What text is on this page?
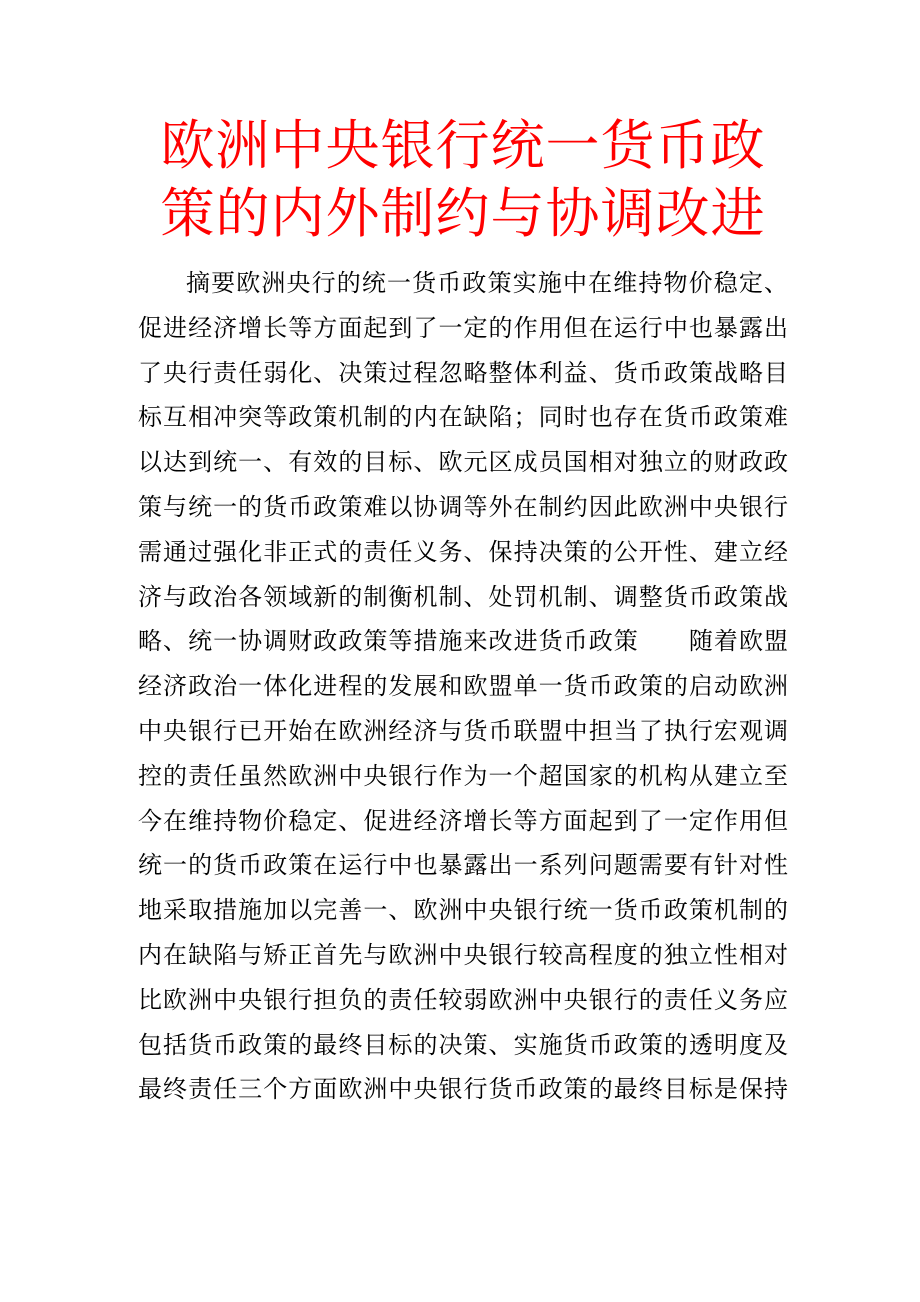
欧洲中央银行统一货币政
策的内外制约与协调改进
摘要欧洲央行的统一货币政策实施中在维持物价稳定、
促进经济增长等方面起到了一定的作用但在运行中也暴露出
了央行责任弱化、决策过程忽略整体利益、货币政策战略目
标互相冲突等政策机制的内在缺陷；同时也存在货币政策难
以达到统一、有效的目标、欧元区成员国相对独立的财政政
策与统一的货币政策难以协调等外在制约因此欧洲中央银行
需通过强化非正式的责任义务、保持决策的公开性、建立经
济与政治各领域新的制衡机制、处罚机制、调整货币政策战
略、统一协调财政政策等措施来改进货币政策　　随着欧盟
经济政治一体化进程的发展和欧盟单一货币政策的启动欧洲
中央银行已开始在欧洲经济与货币联盟中担当了执行宏观调
控的责任虽然欧洲中央银行作为一个超国家的机构从建立至
今在维持物价稳定、促进经济增长等方面起到了一定作用但
统一的货币政策在运行中也暴露出一系列问题需要有针对性
地采取措施加以完善一、欧洲中央银行统一货币政策机制的
内在缺陷与矫正首先与欧洲中央银行较高程度的独立性相对
比欧洲中央银行担负的责任较弱欧洲中央银行的责任义务应
包括货币政策的最终目标的决策、实施货币政策的透明度及
最终责任三个方面欧洲中央银行货币政策的最终目标是保持
